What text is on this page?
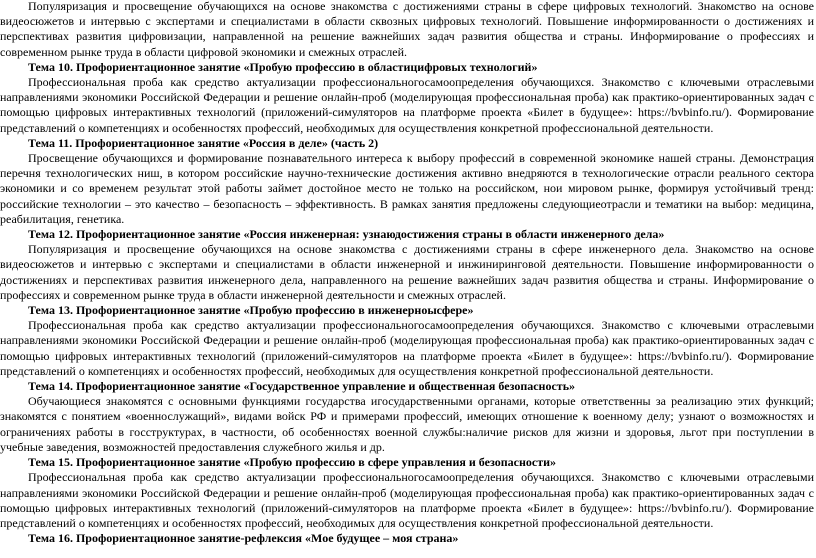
Популяризация и просвещение обучающихся на основе знакомства с достижениями страны в сфере цифровых технологий. Знакомство на основе видеосюжетов и интервью с экспертами и специалистами в области сквозных цифровых технологий. Повышение информированности о достижениях и перспективах развития цифровизации, направленной на решение важнейших задач развития общества и страны. Информирование о профессиях и современном рынке труда в области цифровой экономики и смежных отраслей.

Тема 10. Профориентационное занятие «Пробую профессию в областицифровых технологий»

Профессиональная проба как средство актуализации профессиональногосамоопределения обучающихся. Знакомство с ключевыми отраслевыми направлениями экономики Российской Федерации и решение онлайн-проб (моделирующая профессиональная проба) как практико-ориентированных задач с помощью цифровых интерактивных технологий (приложений-симуляторов на платформе проекта «Билет в будущее»: https://bvbinfo.ru/). Формирование представлений о компетенциях и особенностях профессий, необходимых для осуществления конкретной профессиональной деятельности.

Тема 11. Профориентационное занятие «Россия в деле» (часть 2)

Просвещение обучающихся и формирование познавательного интереса к выбору профессий в современной экономике нашей страны. Демонстрация перечня технологических ниш, в котором российские научно-технические достижения активно внедряются в технологические отрасли реального сектора экономики и со временем результат этой работы займет достойное место не только на российском, нои мировом рынке, формируя устойчивый тренд: российские технологии – это качество – безопасность – эффективность. В рамках занятия предложены следующиеотрасли и тематики на выбор: медицина, реабилитация, генетика.

Тема 12. Профориентационное занятие «Россия инженерная: узнаюдостижения страны в области инженерного дела»

Популяризация и просвещение обучающихся на основе знакомства с достижениями страны в сфере инженерного дела. Знакомство на основе видеосюжетов и интервью с экспертами и специалистами в области инженерной и инжиниринговой деятельности. Повышение информированности о достижениях и перспективах развития инженерного дела, направленного на решение важнейших задач развития общества и страны. Информирование о профессиях и современном рынке труда в области инженерной деятельности и смежных отраслей.

Тема 13. Профориентационное занятие «Пробую профессию в инженерноысфере»

Профессиональная проба как средство актуализации профессиональногосамоопределения обучающихся. Знакомство с ключевыми отраслевыми направлениями экономики Российской Федерации и решение онлайн-проб (моделирующая профессиональная проба) как практико-ориентированных задач с помощью цифровых интерактивных технологий (приложений-симуляторов на платформе проекта «Билет в будущее»: https://bvbinfo.ru/). Формирование представлений о компетенциях и особенностях профессий, необходимых для осуществления конкретной профессиональной деятельности.

Тема 14. Профориентационное занятие «Государственное управление и общественная безопасность»

Обучающиеся знакомятся с основными функциями государства игосударственными органами, которые ответственны за реализацию этих функций; знакомятся с понятием «военнослужащий», видами войск РФ и примерами профессий, имеющих отношение к военному делу; узнают о возможностях и ограничениях работы в госструктурах, в частности, об особенностях военной службы:наличие рисков для жизни и здоровья, льгот при поступлении в учебные заведения, возможностей предоставления служебного жилья и др.

Тема 15. Профориентационное занятие «Пробую профессию в сфере управления и безопасности»

Профессиональная проба как средство актуализации профессиональногосамоопределения обучающихся. Знакомство с ключевыми отраслевыми направлениями экономики Российской Федерации и решение онлайн-проб (моделирующая профессиональная проба) как практико-ориентированных задач с помощью цифровых интерактивных технологий (приложений-симуляторов на платформе проекта «Билет в будущее»: https://bvbinfo.ru/). Формирование представлений о компетенциях и особенностях профессий, необходимых для осуществления конкретной профессиональной деятельности.

Тема 16. Профориентационное занятие-рефлексия «Мое будущее – моя страна»
